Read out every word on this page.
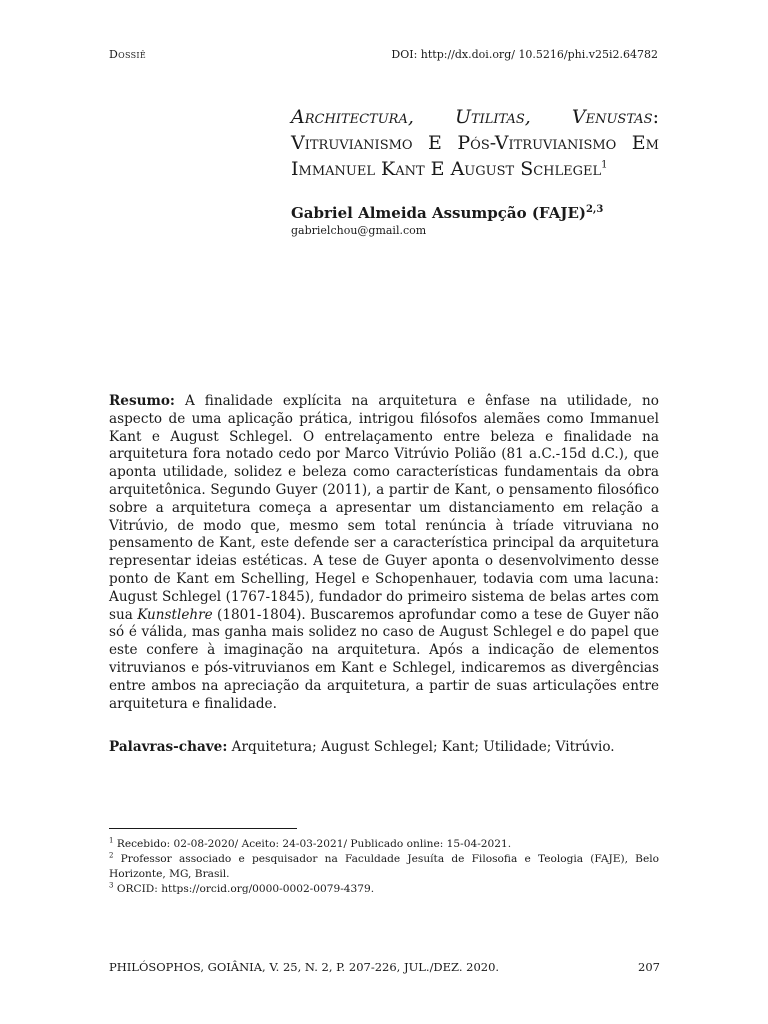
Dossiê	DOI: http://dx.doi.org/ 10.5216/phi.v25i2.64782
Architectura, Utilitas, Venustas: Vitruvianismo E Pós-Vitruvianismo Em Immanuel Kant E August Schlegel$^1$
Gabriel Almeida Assumpção (FAJE)$^{2,3}$
gabrielchou@gmail.com

Resumo: A finalidade explícita na arquitetura e ênfase na utilidade, no aspecto de uma aplicação prática, intrigou filósofos alemães como Immanuel Kant e August Schlegel. O entrelaçamento entre beleza e finalidade na arquitetura fora notado cedo por Marco Vitrúvio Polião (81 a.C.-15d d.C.), que aponta utilidade, solidez e beleza como características fundamentais da obra arquitetônica. Segundo Guyer (2011), a partir de Kant, o pensamento filosófico sobre a arquitetura começa a apresentar um distanciamento em relação a Vitrúvio, de modo que, mesmo sem total renúncia à tríade vitruviana no pensamento de Kant, este defende ser a característica principal da arquitetura representar ideias estéticas. A tese de Guyer aponta o desenvolvimento desse ponto de Kant em Schelling, Hegel e Schopenhauer, todavia com uma lacuna: August Schlegel (1767-1845), fundador do primeiro sistema de belas artes com sua Kunstlehre (1801-1804). Buscaremos aprofundar como a tese de Guyer não só é válida, mas ganha mais solidez no caso de August Schlegel e do papel que este confere à imaginação na arquitetura. Após a indicação de elementos vitruvianos e pós-vitruvianos em Kant e Schlegel, indicaremos as divergências entre ambos na apreciação da arquitetura, a partir de suas articulações entre arquitetura e finalidade.

Palavras-chave: Arquitetura; August Schlegel; Kant; Utilidade; Vitrúvio.

$^1$ Recebido: 02-08-2020/ Aceito: 24-03-2021/ Publicado online: 15-04-2021.

$^2$ Professor associado e pesquisador na Faculdade Jesuíta de Filosofia e Teologia (FAJE), Belo Horizonte, MG, Brasil.

$^3$ ORCID: https://orcid.org/0000-0002-0079-4379.

PHILÓSOPHOS, GOIÂNIA, V. 25, N. 2, P. 207-226, JUL./DEZ. 2020.	207
